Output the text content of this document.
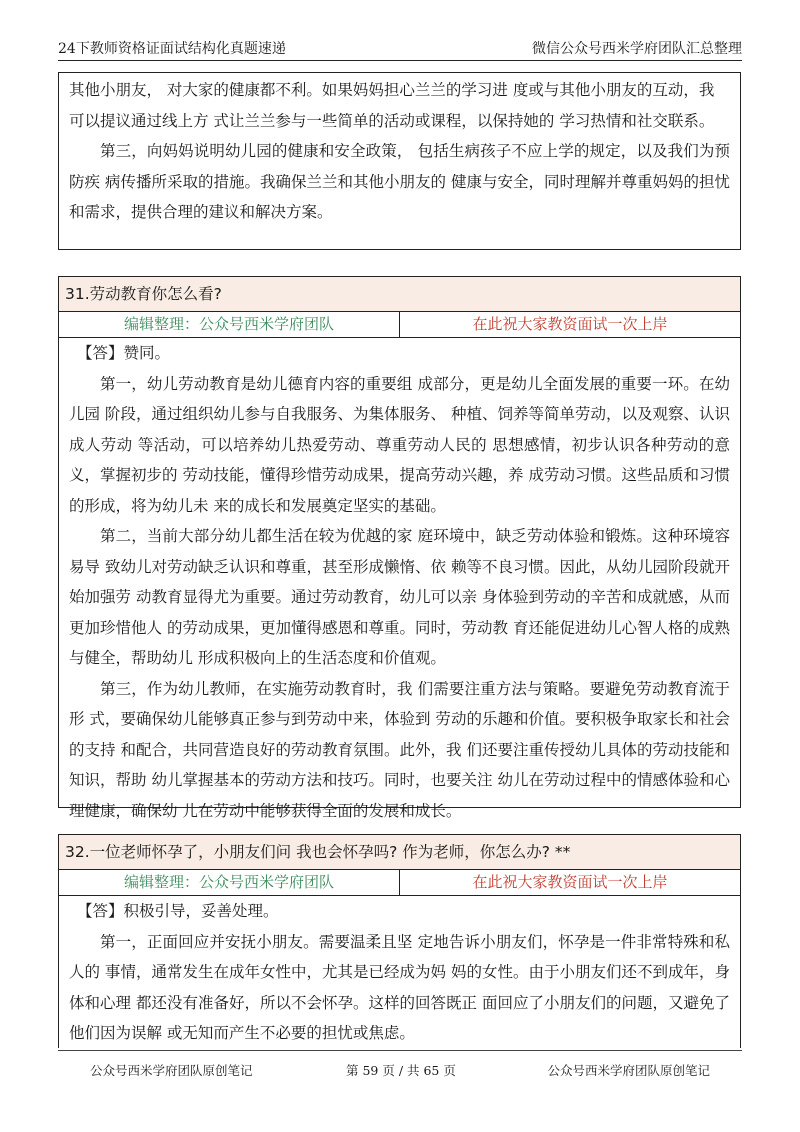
24下教师资格证面试结构化真题速递	微信公众号西米学府团队汇总整理

其他小朋友， 对大家的健康都不利。如果妈妈担心兰兰的学习进 度或与其他小朋友的互动，我

可以提议通过线上方 式让兰兰参与一些简单的活动或课程，以保持她的 学习热情和社交联系。

第三，向妈妈说明幼儿园的健康和安全政策， 包括生病孩子不应上学的规定，以及我们为预防疾 病传播所采取的措施。我确保兰兰和其他小朋友的 健康与安全，同时理解并尊重妈妈的担忧和需求，提供合理的建议和解决方案。

31.劳动教育你怎么看?
编辑整理：公众号西米学府团队	在此祝大家教资面试一次上岸

【答】赞同。

第一，幼儿劳动教育是幼儿德育内容的重要组 成部分，更是幼儿全面发展的重要一环。在幼儿园 阶段，通过组织幼儿参与自我服务、为集体服务、 种植、饲养等简单劳动，以及观察、认识成人劳动 等活动，可以培养幼儿热爱劳动、尊重劳动人民的 思想感情，初步认识各种劳动的意义，掌握初步的 劳动技能，懂得珍惜劳动成果，提高劳动兴趣，养 成劳动习惯。这些品质和习惯的形成，将为幼儿未 来的成长和发展奠定坚实的基础。

第二，当前大部分幼儿都生活在较为优越的家 庭环境中，缺乏劳动体验和锻炼。这种环境容易导 致幼儿对劳动缺乏认识和尊重，甚至形成懒惰、依 赖等不良习惯。因此，从幼儿园阶段就开始加强劳 动教育显得尤为重要。通过劳动教育，幼儿可以亲 身体验到劳动的辛苦和成就感，从而更加珍惜他人 的劳动成果，更加懂得感恩和尊重。同时，劳动教 育还能促进幼儿心智人格的成熟与健全，帮助幼儿 形成积极向上的生活态度和价值观。

第三，作为幼儿教师，在实施劳动教育时，我 们需要注重方法与策略。要避免劳动教育流于形 式，要确保幼儿能够真正参与到劳动中来，体验到 劳动的乐趣和价值。要积极争取家长和社会的支持 和配合，共同营造良好的劳动教育氛围。此外，我 们还要注重传授幼儿具体的劳动技能和知识，帮助 幼儿掌握基本的劳动方法和技巧。同时，也要关注 幼儿在劳动过程中的情感体验和心理健康，确保幼 儿在劳动中能够获得全面的发展和成长。

32.一位老师怀孕了，小朋友们问 我也会怀孕吗? 作为老师，你怎么办? **
编辑整理：公众号西米学府团队	在此祝大家教资面试一次上岸

【答】积极引导，妥善处理。

第一，正面回应并安抚小朋友。需要温柔且坚 定地告诉小朋友们，怀孕是一件非常特殊和私人的 事情，通常发生在成年女性中，尤其是已经成为妈 妈的女性。由于小朋友们还不到成年，身体和心理 都还没有准备好，所以不会怀孕。这样的回答既正 面回应了小朋友们的问题，又避免了他们因为误解 或无知而产生不必要的担忧或焦虑。

公众号西米学府团队原创笔记	第 59 页 / 共 65 页	公众号西米学府团队原创笔记
